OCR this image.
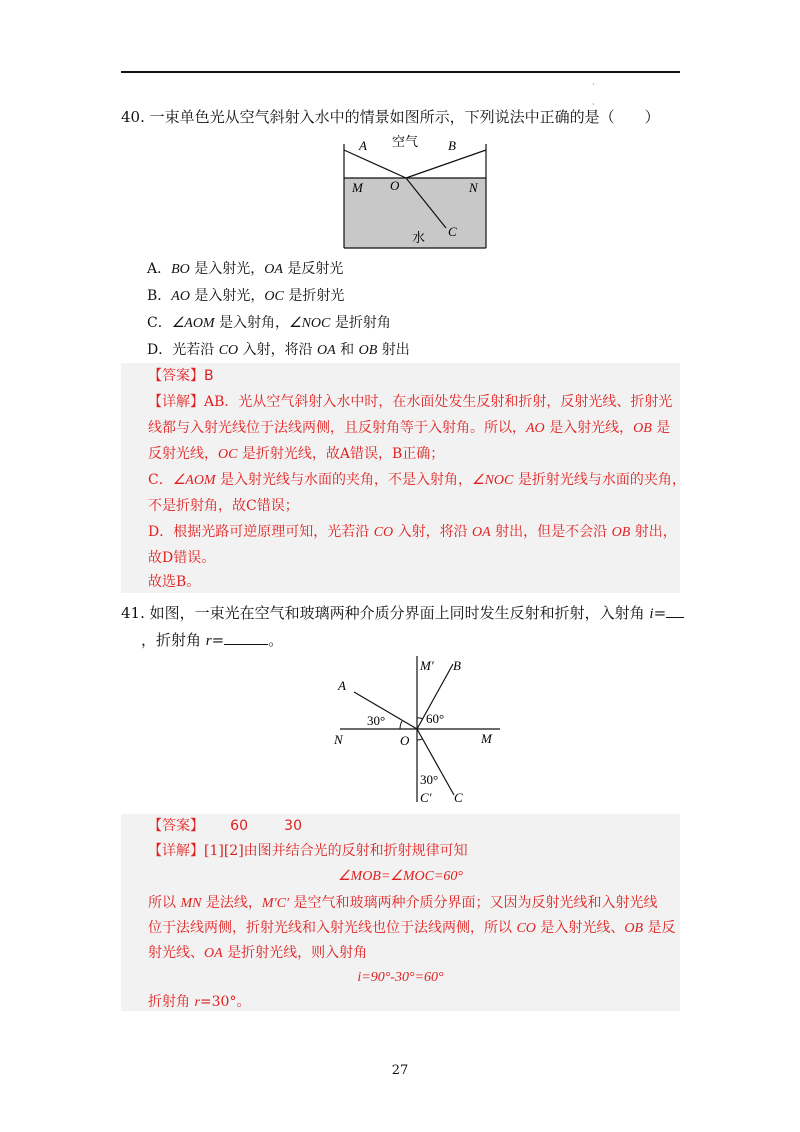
·

·
40. 一束单色光从空气斜射入水中的情景如图所示，下列说法中正确的是（　　）
A 空气 B
M O	N
水 C
A．BO 是入射光，OA 是反射光
B．AO 是入射光，OC 是折射光
C．∠AOM 是入射角，∠NOC 是折射角
D．光若沿 CO 入射，将沿 OA 和 OB 射出
【答案】B
【详解】AB．光从空气斜射入水中时，在水面处发生反射和折射，反射光线、折射光
线都与入射光线位于法线两侧，且反射角等于入射角。所以，AO 是入射光线，OB 是
反射光线，OC 是折射光线，故A错误，B正确；
C．∠AOM 是入射光线与水面的夹角，不是入射角，∠NOC 是折射光线与水面的夹角，
不是折射角，故C错误；
D．根据光路可逆原理可知，光若沿 CO 入射，将沿 OA 射出，但是不会沿 OB 射出，
故D错误。
故选B。
41. 如图，一束光在空气和玻璃两种介质分界面上同时发生反射和折射，入射角 i=
，折射角 r=	。
M′ B
A
30°	60°
N	O	M
30°
C′ C
【答案】 60	30
【详解】[1][2]由图并结合光的反射和折射规律可知
∠MOB=∠MOC=60°
所以 MN 是法线，M′C′ 是空气和玻璃两种介质分界面；又因为反射光线和入射光线
位于法线两侧，折射光线和入射光线也位于法线两侧，所以 CO 是入射光线、OB 是反
射光线、OA 是折射光线，则入射角
i=90°-30°=60°
折射角 r=30°。
27
